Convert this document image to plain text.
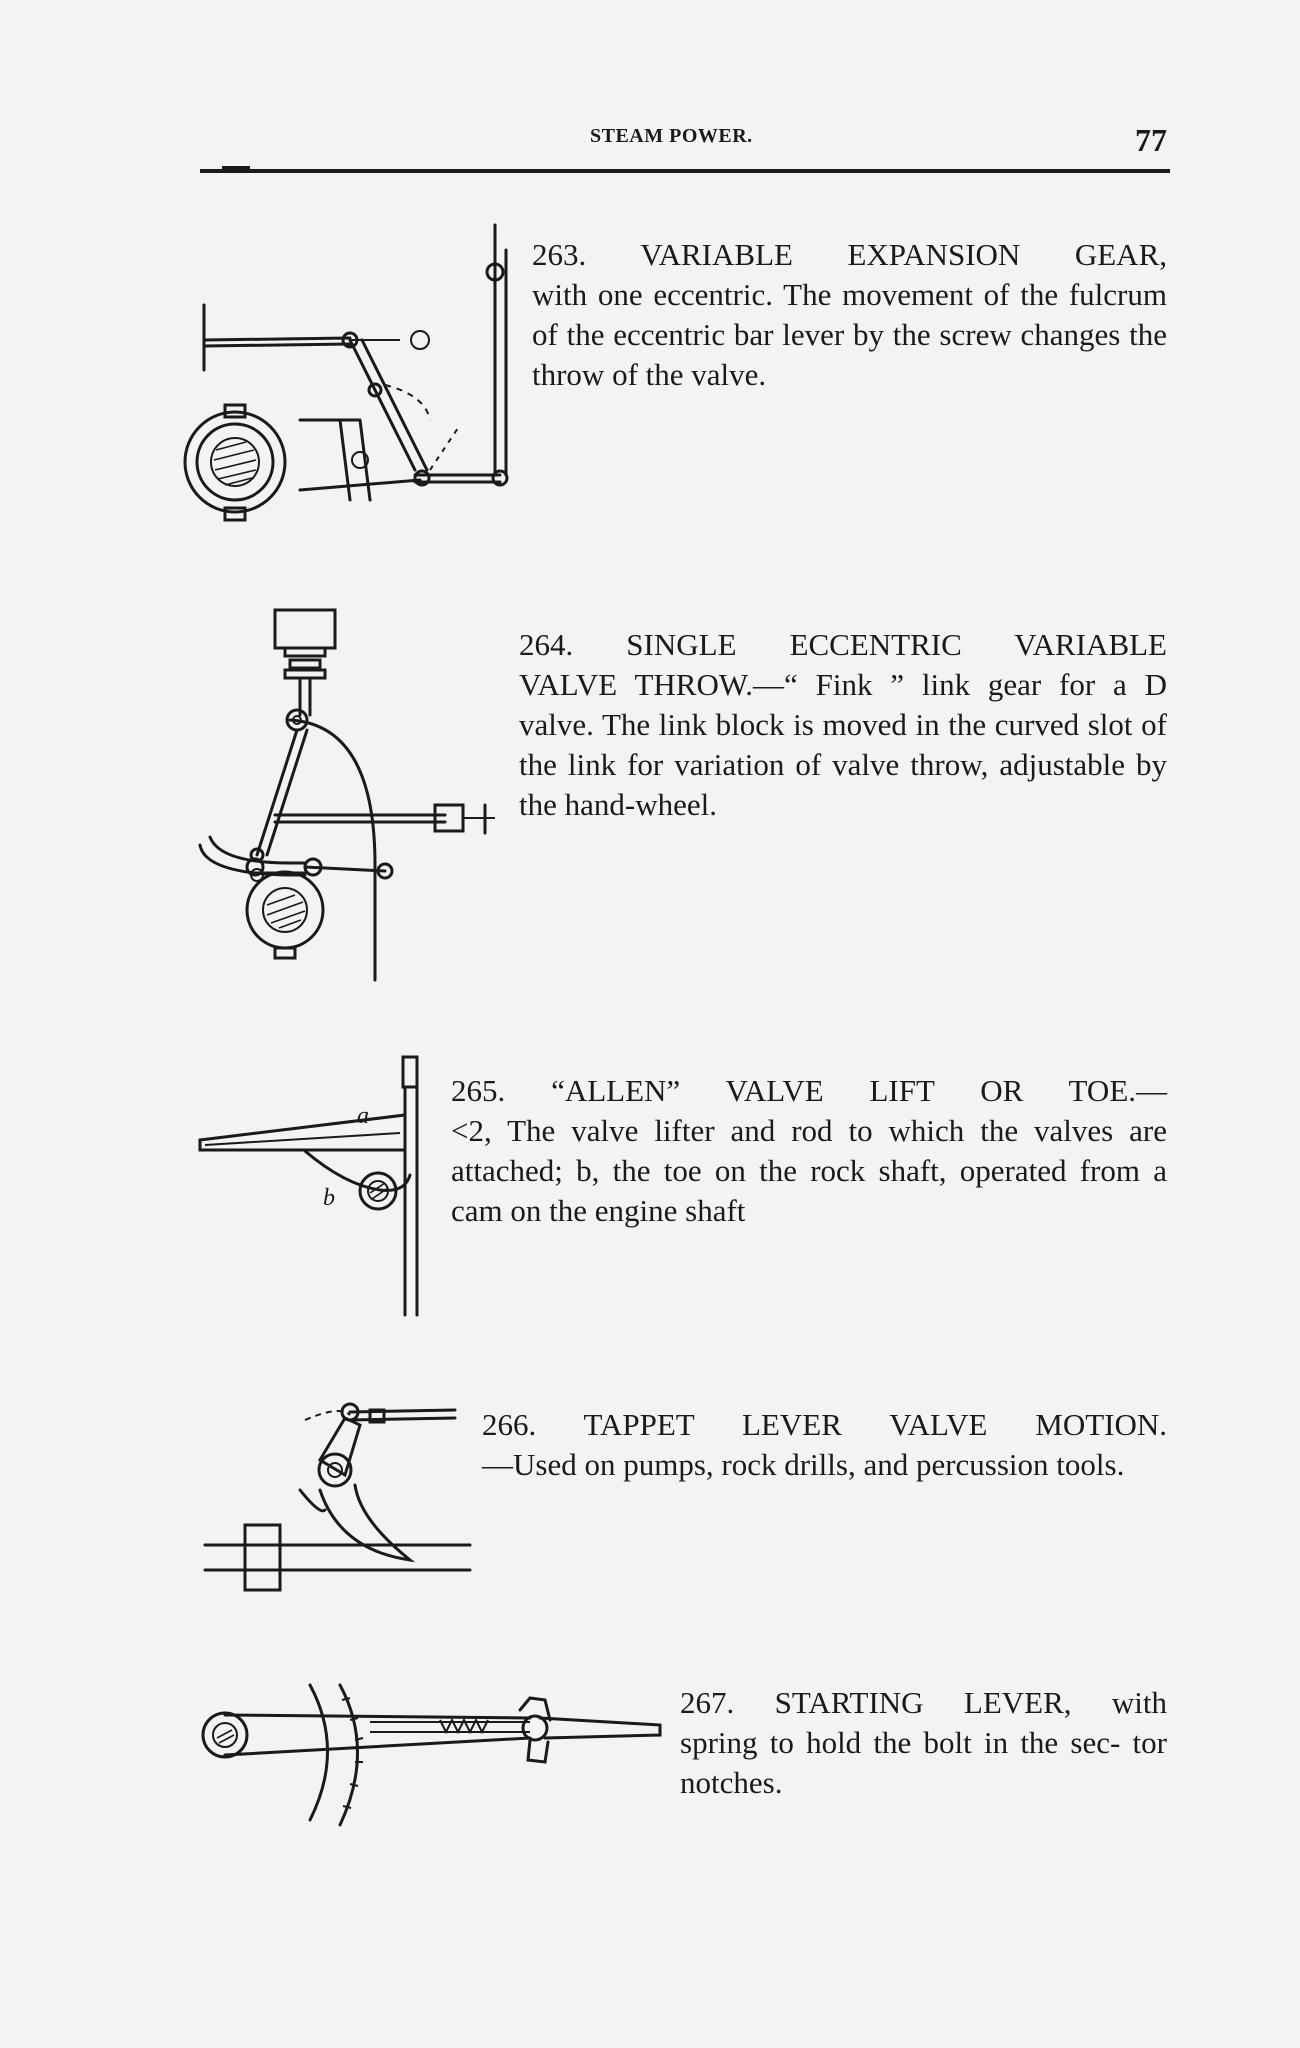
STEAM POWER.	77
263. VARIABLE EXPANSION GEAR,
with one eccentric. The movement of the fulcrum of the eccentric bar lever by the screw changes the throw of the valve.
264. SINGLE ECCENTRIC VARIABLE
VALVE THROW.—“ Fink ” link gear for a D valve. The link block is moved in the curved slot of the link for variation of valve throw, adjustable by the hand-wheel.
265. “ALLEN” VALVE LIFT OR TOE.—
<2, The valve lifter and rod to which the valves are attached; b, the toe on the rock shaft, operated from a cam on the engine shaft
a
b
266. TAPPET LEVER VALVE MOTION.
—Used on pumps, rock drills, and percussion tools.
267. STARTING LEVER, with
spring to hold the bolt in the sec- tor notches.
